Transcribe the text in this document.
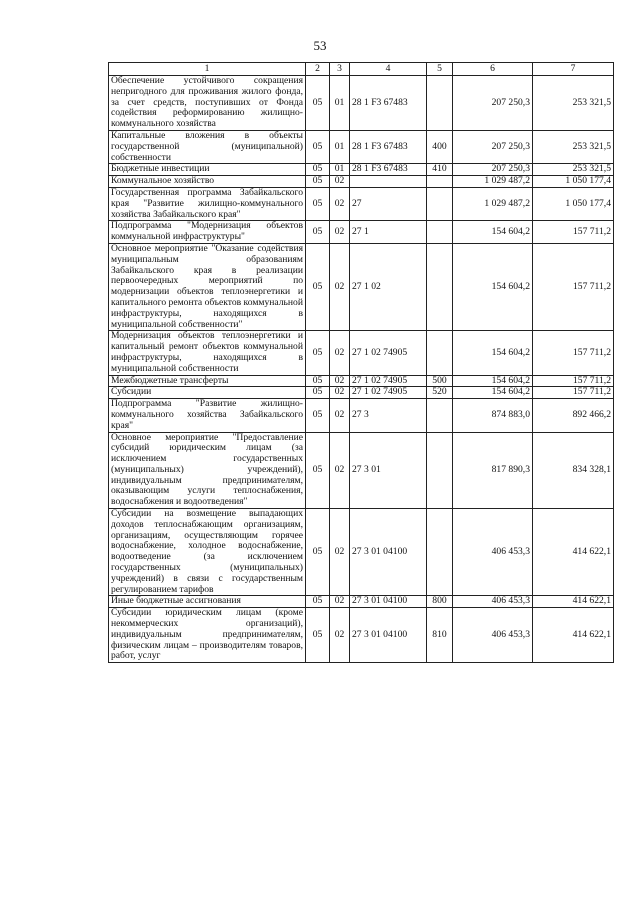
53
1	2	3	4	5	6	7
Обеспечение устойчивого сокращения непригодного для проживания жилого фонда, за счет средств, поступивших от Фонда содействия реформированию жилищно-коммунального хозяйства	05	01	28 1 F3 67483		207 250,3	253 321,5
Капитальные вложения в объекты государственной (муниципальной) собственности	05	01	28 1 F3 67483	400	207 250,3	253 321,5
Бюджетные инвестиции	05	01	28 1 F3 67483	410	207 250,3	253 321,5
Коммунальное хозяйство	05	02			1 029 487,2	1 050 177,4
Государственная программа Забайкальского края "Развитие жилищно-коммунального хозяйства Забайкальского края"	05	02	27		1 029 487,2	1 050 177,4
Подпрограмма "Модернизация объектов коммунальной инфраструктуры"	05	02	27 1		154 604,2	157 711,2
Основное мероприятие "Оказание содействия муниципальным образованиям Забайкальского края в реализации первоочередных мероприятий по модернизации объектов теплоэнергетики и капитального ремонта объектов коммунальной инфраструктуры, находящихся в муниципальной собственности"	05	02	27 1 02		154 604,2	157 711,2
Модернизация объектов теплоэнергетики и капитальный ремонт объектов коммунальной инфраструктуры, находящихся в муниципальной собственности	05	02	27 1 02 74905		154 604,2	157 711,2
Межбюджетные трансферты	05	02	27 1 02 74905	500	154 604,2	157 711,2
Субсидии	05	02	27 1 02 74905	520	154 604,2	157 711,2
Подпрограмма "Развитие жилищно-коммунального хозяйства Забайкальского края"	05	02	27 3		874 883,0	892 466,2
Основное мероприятие "Предоставление субсидий юридическим лицам (за исключением государственных (муниципальных) учреждений), индивидуальным предпринимателям, оказывающим услуги теплоснабжения, водоснабжения и водоотведения"	05	02	27 3 01		817 890,3	834 328,1
Субсидии на возмещение выпадающих доходов теплоснабжающим организациям, организациям, осуществляющим горячее водоснабжение, холодное водоснабжение, водоотведение (за исключением государственных (муниципальных) учреждений) в связи с государственным регулированием тарифов	05	02	27 3 01 04100		406 453,3	414 622,1
Иные бюджетные ассигнования	05	02	27 3 01 04100	800	406 453,3	414 622,1
Субсидии юридическим лицам (кроме некоммерческих организаций), индивидуальным предпринимателям, физическим лицам – производителям товаров, работ, услуг	05	02	27 3 01 04100	810	406 453,3	414 622,1
